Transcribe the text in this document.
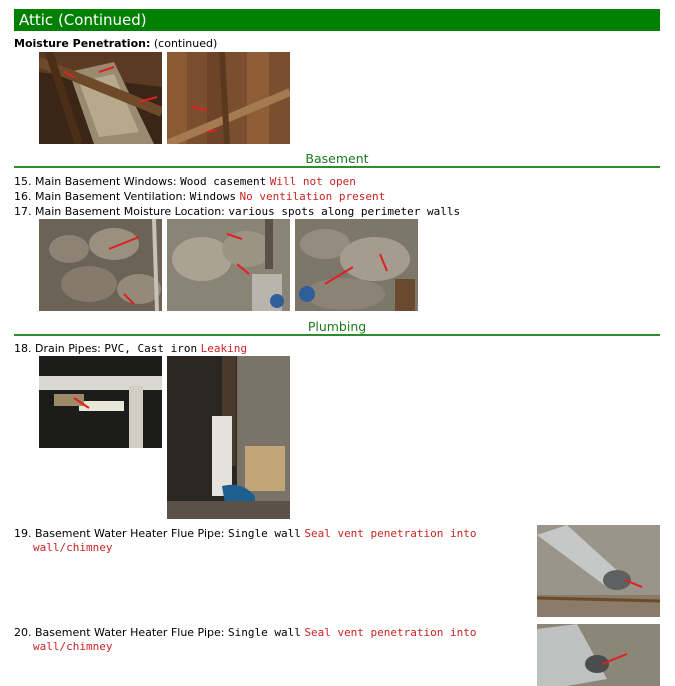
Attic (Continued)
Moisture Penetration: (continued)
Basement
15. Main Basement Windows: Wood casement Will not open
16. Main Basement Ventilation: Windows No ventilation present
17. Main Basement Moisture Location: various spots along perimeter walls
Plumbing
18. Drain Pipes: PVC, Cast iron Leaking
19. Basement Water Heater Flue Pipe: Single wall Seal vent penetration into
wall/chimney
20. Basement Water Heater Flue Pipe: Single wall Seal vent penetration into
wall/chimney
